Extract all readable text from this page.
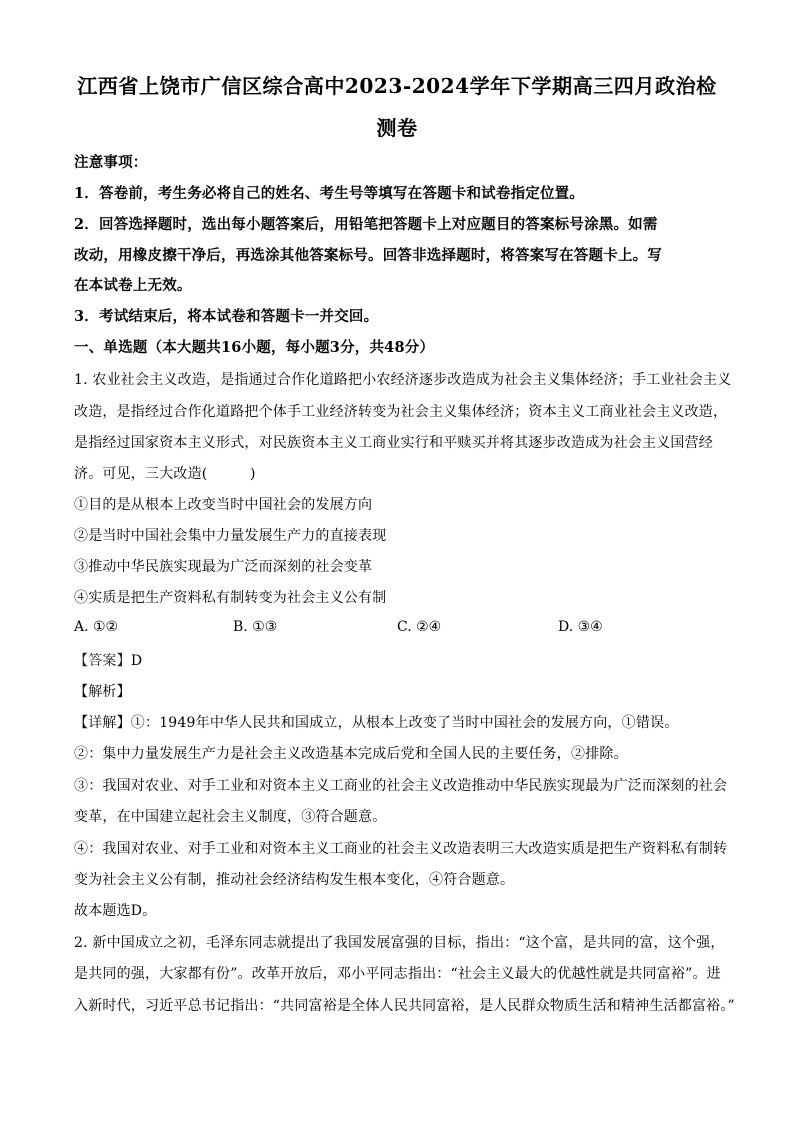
江西省上饶市广信区综合高中2023-2024学年下学期高三四月政治检
测卷
注意事项：
1．答卷前，考生务必将自己的姓名、考生号等填写在答题卡和试卷指定位置。
2．回答选择题时，选出每小题答案后，用铅笔把答题卡上对应题目的答案标号涂黑。如需
改动，用橡皮擦干净后，再选涂其他答案标号。回答非选择题时，将答案写在答题卡上。写
在本试卷上无效。
3．考试结束后，将本试卷和答题卡一并交回。
一、单选题（本大题共16小题，每小题3分，共48分）
1. 农业社会主义改造，是指通过合作化道路把小农经济逐步改造成为社会主义集体经济；手工业社会主义
改造，是指经过合作化道路把个体手工业经济转变为社会主义集体经济；资本主义工商业社会主义改造，
是指经过国家资本主义形式，对民族资本主义工商业实行和平赎买并将其逐步改造成为社会主义国营经
济。可见，三大改造(　　　)
①目的是从根本上改变当时中国社会的发展方向
②是当时中国社会集中力量发展生产力的直接表现
③推动中华民族实现最为广泛而深刻的社会变革
④实质是把生产资料私有制转变为社会主义公有制
A. ①②	B. ①③	C. ②④	D. ③④
【答案】D
【解析】
【详解】①：1949年中华人民共和国成立，从根本上改变了当时中国社会的发展方向，①错误。
②：集中力量发展生产力是社会主义改造基本完成后党和全国人民的主要任务，②排除。
③：我国对农业、对手工业和对资本主义工商业的社会主义改造推动中华民族实现最为广泛而深刻的社会
变革，在中国建立起社会主义制度，③符合题意。
④：我国对农业、对手工业和对资本主义工商业的社会主义改造表明三大改造实质是把生产资料私有制转
变为社会主义公有制，推动社会经济结构发生根本变化，④符合题意。
故本题选D。
2. 新中国成立之初，毛泽东同志就提出了我国发展富强的目标，指出：“这个富，是共同的富，这个强，
是共同的强，大家都有份”。改革开放后，邓小平同志指出：“社会主义最大的优越性就是共同富裕”。进
入新时代，习近平总书记指出：“共同富裕是全体人民共同富裕，是人民群众物质生活和精神生活都富裕。”
